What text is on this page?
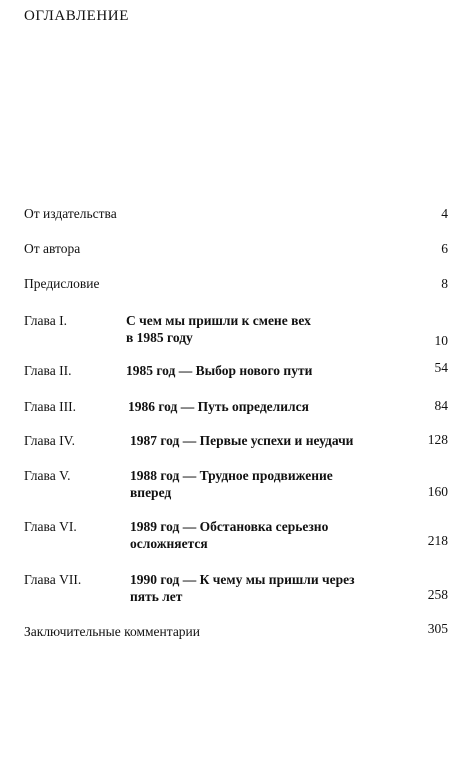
ОГЛАВЛЕНИЕ
От издательства	4
От автора	6
Предисловие	8
Глава I.	С чем мы пришли к смене вех
в 1985 году	10
Глава II.	1985 год — Выбор нового пути	54
Глава III.	1986 год — Путь определился	84
Глава IV.	1987 год — Первые успехи и неудачи	128
Глава V.	1988 год — Трудное продвижение
вперед	160
Глава VI.	1989 год — Обстановка серьезно
осложняется	218
Глава VII.	1990 год — К чему мы пришли через
пять лет	258
Заключительные комментарии	305
